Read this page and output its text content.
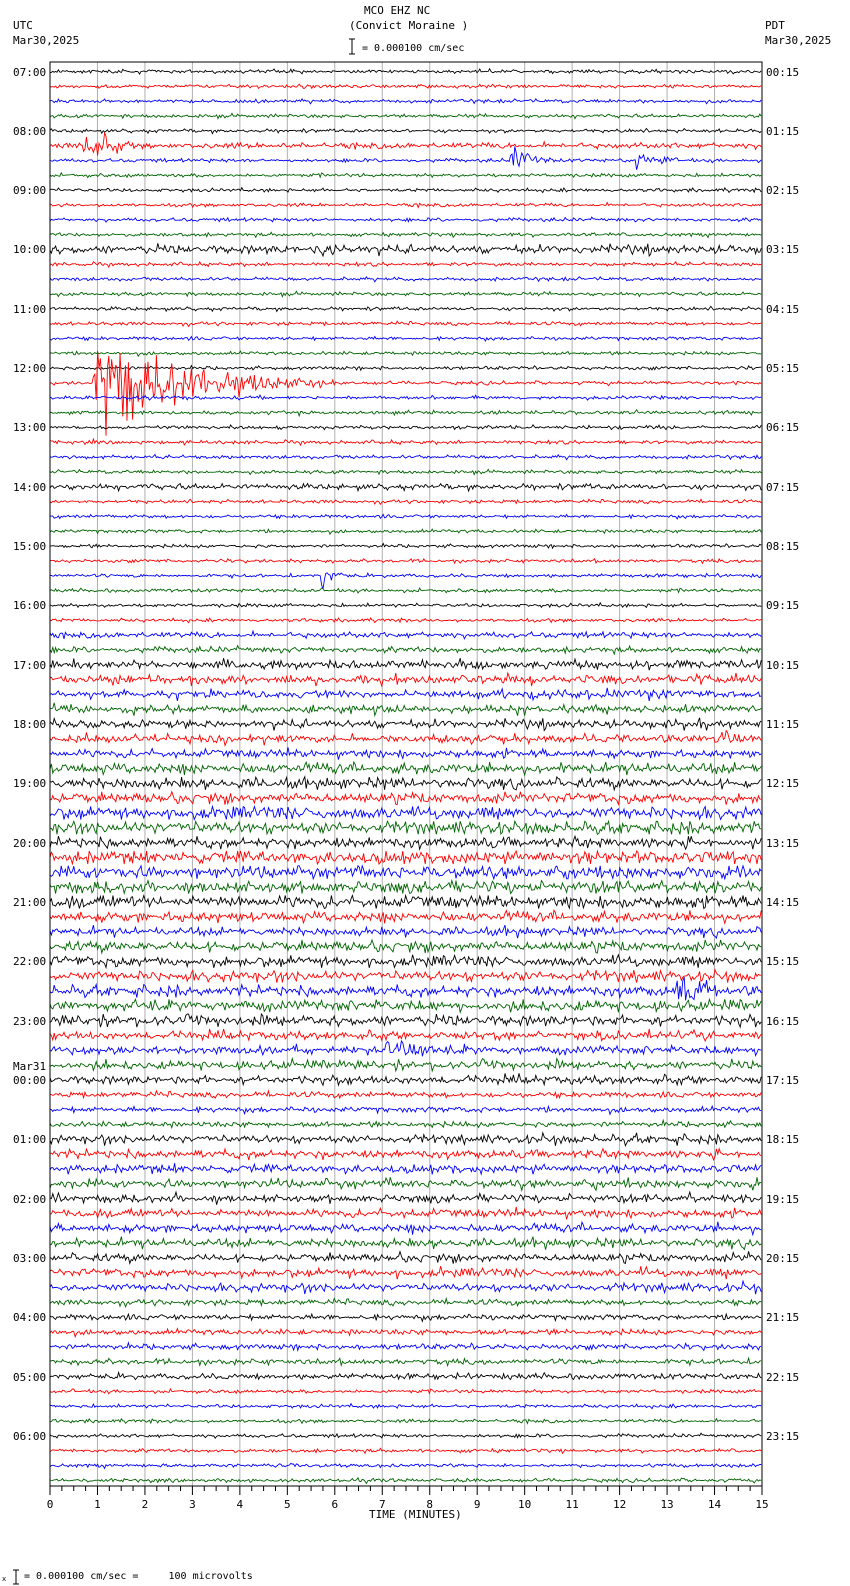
0	1	2	3	4	5	6	7	8	9	10	11	12	13	14	15
MCO EHZ NC
(Convict Moraine )
= 0.000100 cm/sec
UTC
Mar30,2025
PDT
Mar30,2025
07:00
08:00
09:00
10:00
11:00
12:00
13:00
14:00
15:00
16:00
17:00
18:00
19:00
20:00
21:00
22:00
23:00
00:00
01:00
02:00
03:00
04:00
05:00
06:00
Mar31
00:15
01:15
02:15
03:15
04:15
05:15
06:15
07:15
08:15
09:15
10:15
11:15
12:15
13:15
14:15
15:15
16:15
17:15
18:15
19:15
20:15
21:15
22:15
23:15
TIME (MINUTES)
x = 0.000100 cm/sec =     100 microvolts
